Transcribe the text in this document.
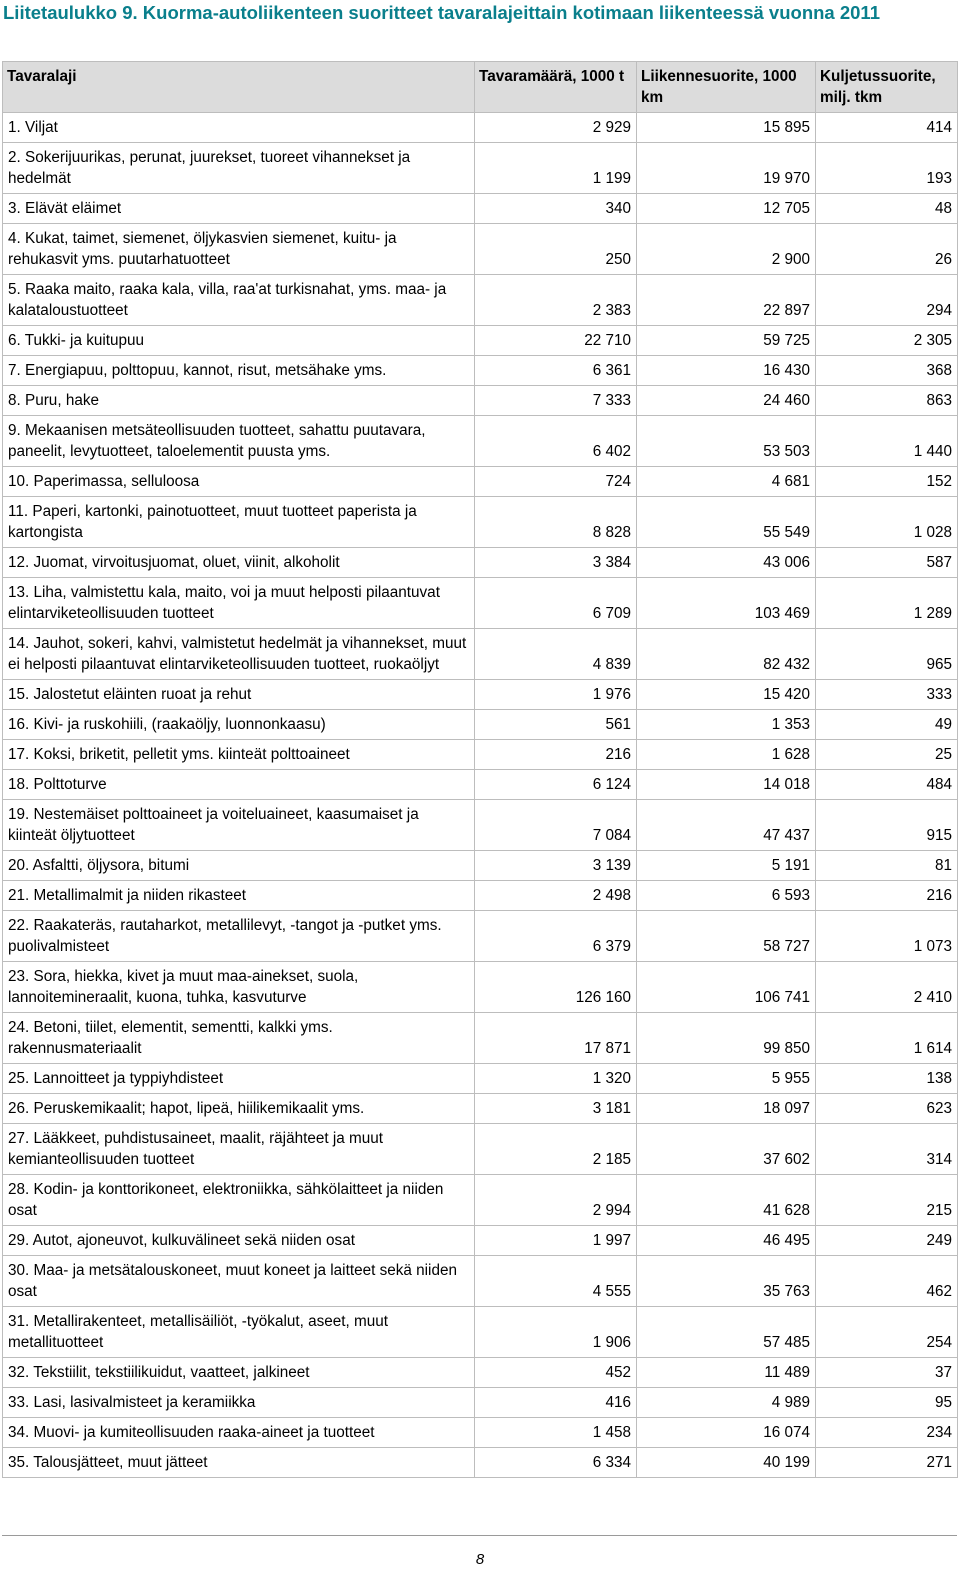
Liitetaulukko 9. Kuorma-autoliikenteen suoritteet tavaralajeittain kotimaan liikenteessä vuonna 2011
Tavaralaji	Tavaramäärä, 1000 t	Liikennesuorite, 1000 km	Kuljetussuorite, milj. tkm
1. Viljat	2 929	15 895	414
2. Sokerijuurikas, perunat, juurekset, tuoreet vihannekset ja hedelmät	1 199	19 970	193
3. Elävät eläimet	340	12 705	48
4. Kukat, taimet, siemenet, öljykasvien siemenet, kuitu- ja rehukasvit yms. puutarhatuotteet	250	2 900	26
5. Raaka maito, raaka kala, villa, raa'at turkisnahat, yms. maa- ja kalataloustuotteet	2 383	22 897	294
6. Tukki- ja kuitupuu	22 710	59 725	2 305
7. Energiapuu, polttopuu, kannot, risut, metsähake yms.	6 361	16 430	368
8. Puru, hake	7 333	24 460	863
9. Mekaanisen metsäteollisuuden tuotteet, sahattu puutavara, paneelit, levytuotteet, taloelementit puusta yms.	6 402	53 503	1 440
10. Paperimassa, selluloosa	724	4 681	152
11. Paperi, kartonki, painotuotteet, muut tuotteet paperista ja kartongista	8 828	55 549	1 028
12. Juomat, virvoitusjuomat, oluet, viinit, alkoholit	3 384	43 006	587
13. Liha, valmistettu kala, maito, voi ja muut helposti pilaantuvat elintarviketeollisuuden tuotteet	6 709	103 469	1 289
14. Jauhot, sokeri, kahvi, valmistetut hedelmät ja vihannekset, muut ei helposti pilaantuvat elintarviketeollisuuden tuotteet, ruokaöljyt	4 839	82 432	965
15. Jalostetut eläinten ruoat ja rehut	1 976	15 420	333
16. Kivi- ja ruskohiili, (raakaöljy, luonnonkaasu)	561	1 353	49
17. Koksi, briketit, pelletit yms. kiinteät polttoaineet	216	1 628	25
18. Polttoturve	6 124	14 018	484
19. Nestemäiset polttoaineet ja voiteluaineet, kaasumaiset ja kiinteät öljytuotteet	7 084	47 437	915
20. Asfaltti, öljysora, bitumi	3 139	5 191	81
21. Metallimalmit ja niiden rikasteet	2 498	6 593	216
22. Raakateräs, rautaharkot, metallilevyt, -tangot ja -putket yms. puolivalmisteet	6 379	58 727	1 073
23. Sora, hiekka, kivet ja muut maa-ainekset, suola, lannoitemineraalit, kuona, tuhka, kasvuturve	126 160	106 741	2 410
24. Betoni, tiilet, elementit, sementti, kalkki yms. rakennusmateriaalit	17 871	99 850	1 614
25. Lannoitteet ja typpiyhdisteet	1 320	5 955	138
26. Peruskemikaalit; hapot, lipeä, hiilikemikaalit yms.	3 181	18 097	623
27. Lääkkeet, puhdistusaineet, maalit, räjähteet ja muut kemianteollisuuden tuotteet	2 185	37 602	314
28. Kodin- ja konttorikoneet, elektroniikka, sähkölaitteet ja niiden osat	2 994	41 628	215
29. Autot, ajoneuvot, kulkuvälineet sekä niiden osat	1 997	46 495	249
30. Maa- ja metsätalouskoneet, muut koneet ja laitteet sekä niiden osat	4 555	35 763	462
31. Metallirakenteet, metallisäiliöt, -työkalut, aseet, muut metallituotteet	1 906	57 485	254
32. Tekstiilit, tekstiilikuidut, vaatteet, jalkineet	452	11 489	37
33. Lasi, lasivalmisteet ja keramiikka	416	4 989	95
34. Muovi- ja kumiteollisuuden raaka-aineet ja tuotteet	1 458	16 074	234
35. Talousjätteet, muut jätteet	6 334	40 199	271
8
